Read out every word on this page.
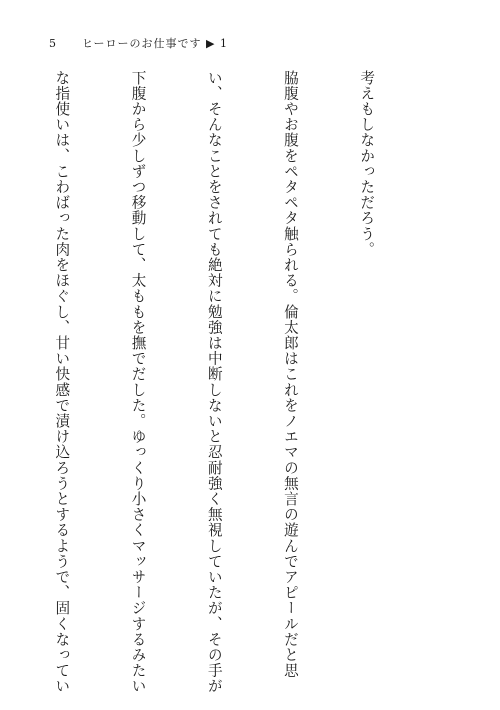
5 ヒーローのお仕事です ▶ 1

考えもしなかっただろう。

脇腹やお腹をペタペタ触られる。倫太郎はこれをノエマの無言の遊んでアピールだと思

い、そんなことをされても絶対に勉強は中断しないと忍耐強く無視していたが、その手が

下腹から少しずつ移動して、太ももを撫でだした。ゆっくり小さくマッサージするみたい

な指使いは、こわばった肉をほぐし、甘い快感で漬け込ろうとするようで、固くなってい
